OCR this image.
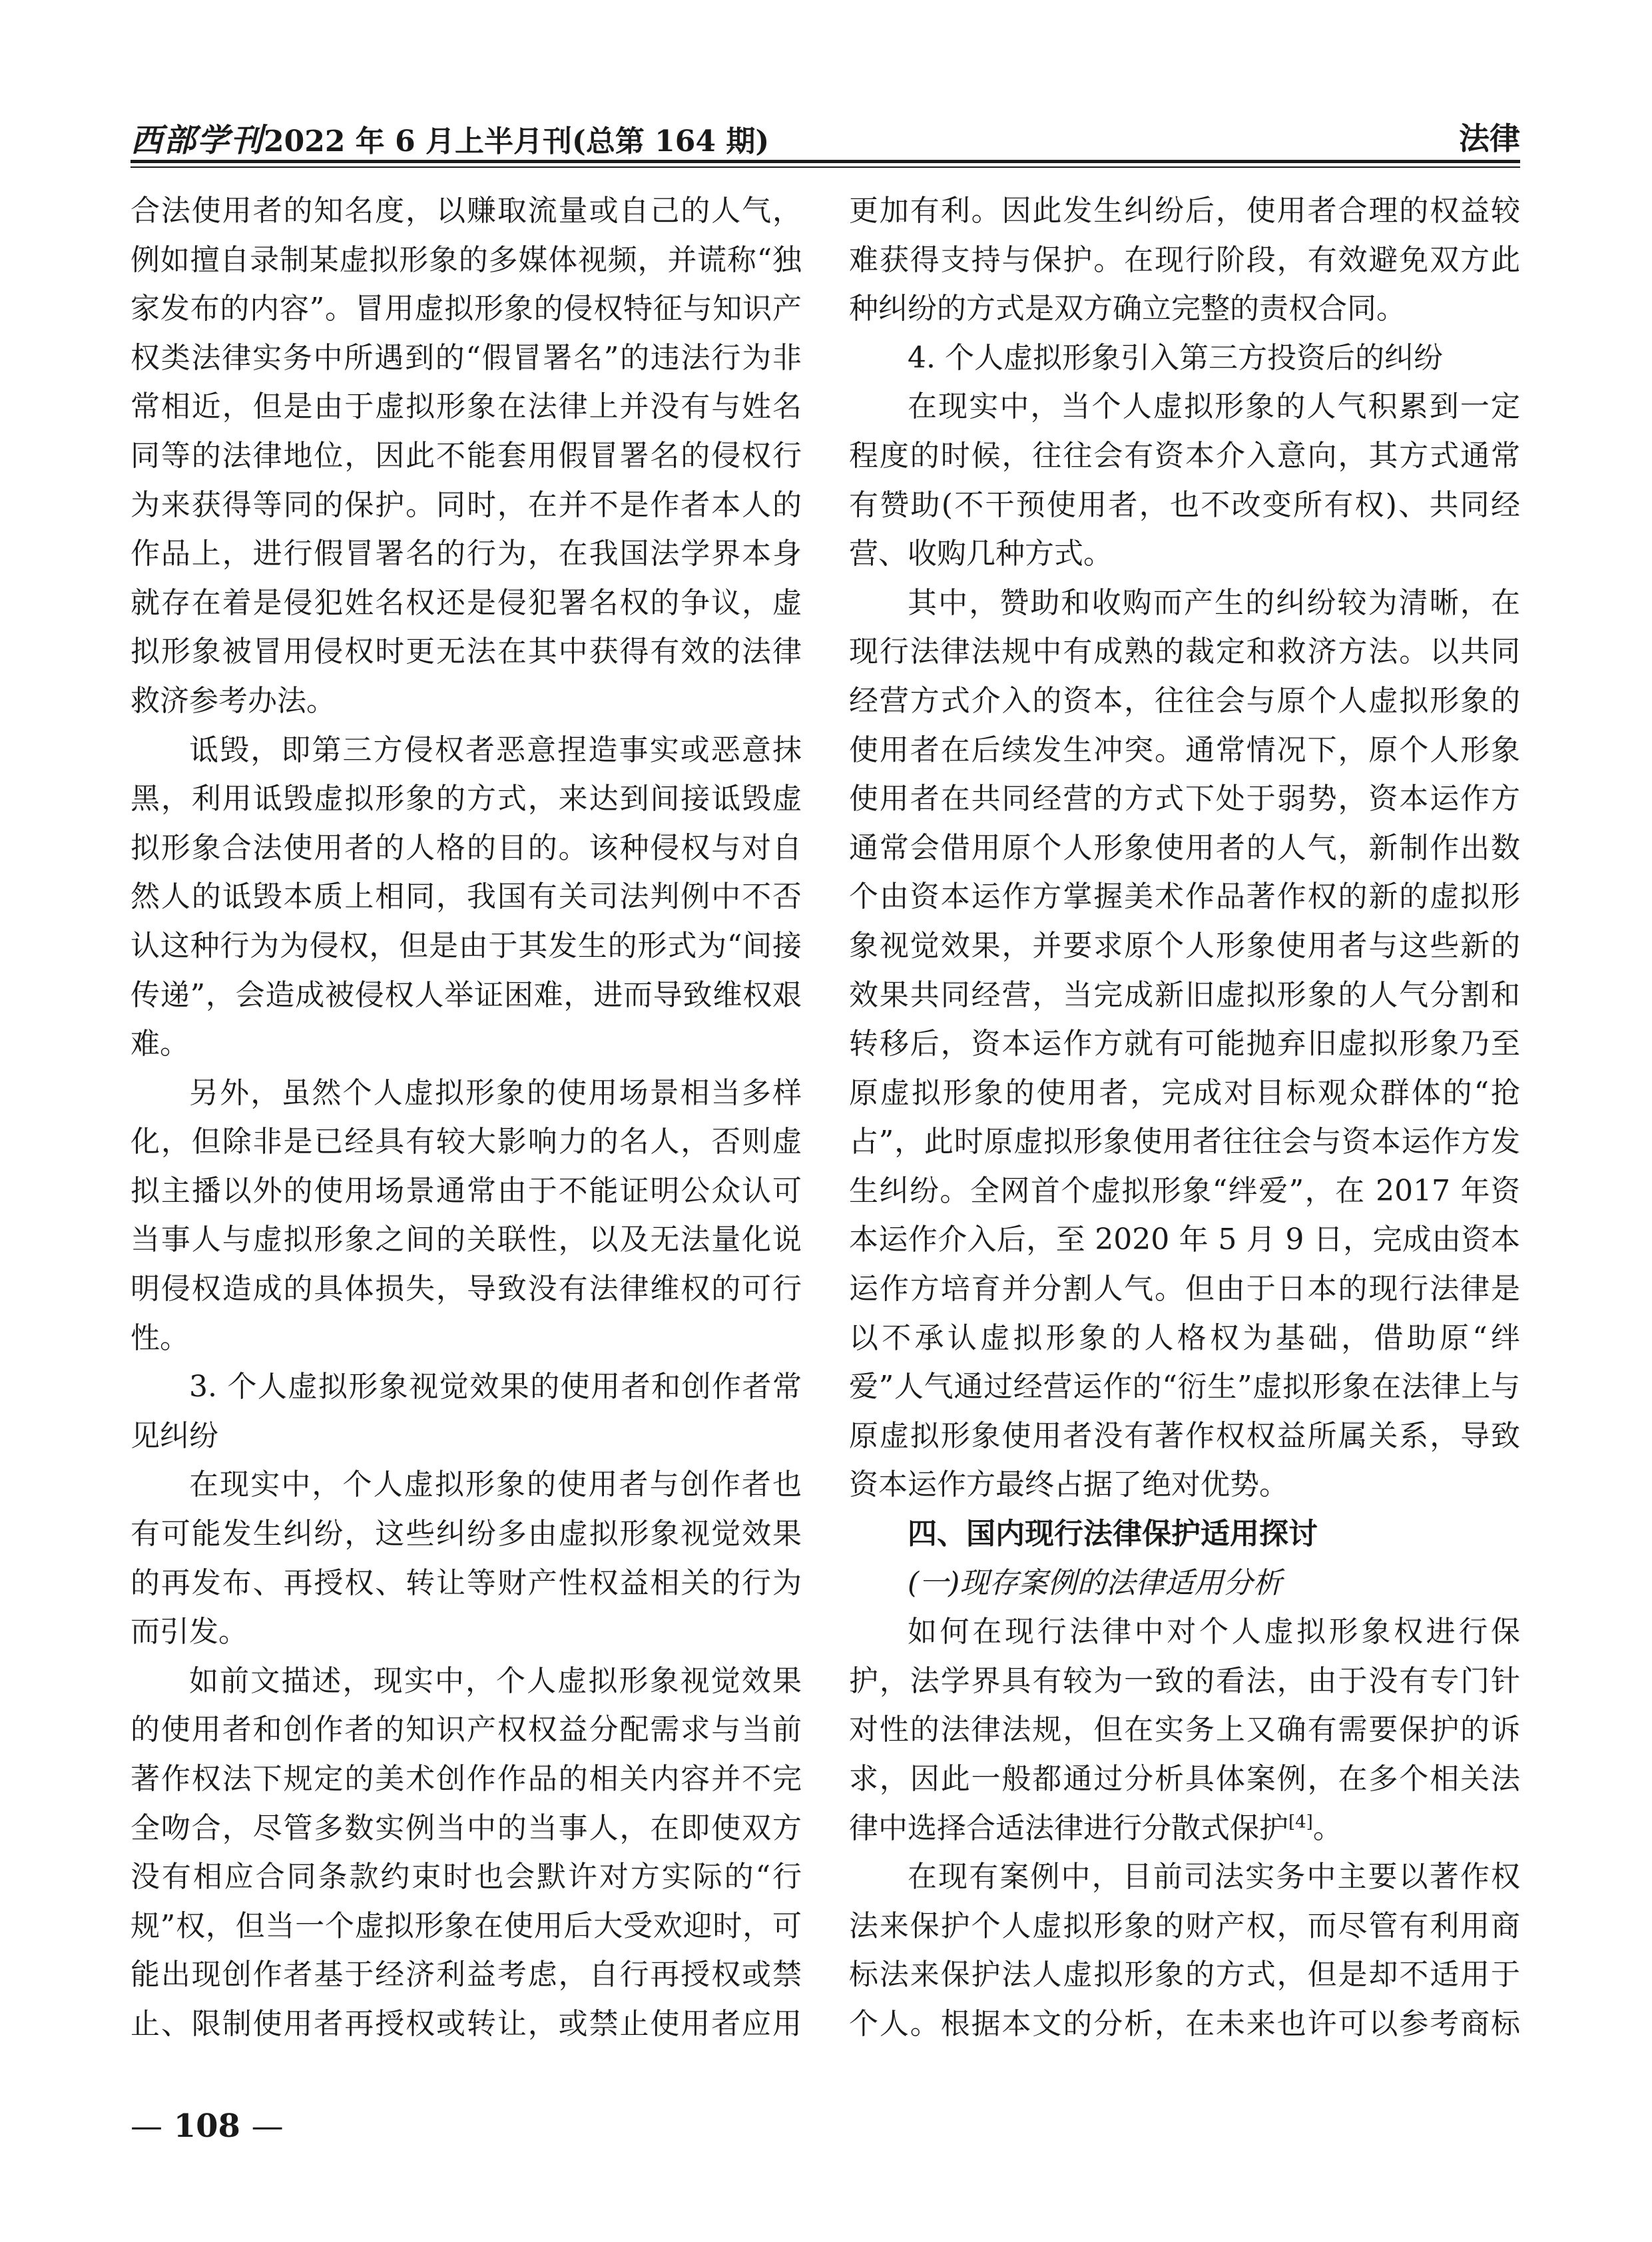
西部学刊2022 年 6 月上半月刊(总第 164 期)	法律

合法使用者的知名度，以赚取流量或自己的人气，例如擅自录制某虚拟形象的多媒体视频，并谎称“独家发布的内容”。冒用虚拟形象的侵权特征与知识产权类法律实务中所遇到的“假冒署名”的违法行为非常相近，但是由于虚拟形象在法律上并没有与姓名同等的法律地位，因此不能套用假冒署名的侵权行为来获得等同的保护。同时，在并不是作者本人的作品上，进行假冒署名的行为，在我国法学界本身就存在着是侵犯姓名权还是侵犯署名权的争议，虚拟形象被冒用侵权时更无法在其中获得有效的法律救济参考办法。

诋毁，即第三方侵权者恶意捏造事实或恶意抹黑，利用诋毁虚拟形象的方式，来达到间接诋毁虚拟形象合法使用者的人格的目的。该种侵权与对自然人的诋毁本质上相同，我国有关司法判例中不否认这种行为为侵权，但是由于其发生的形式为“间接传递”，会造成被侵权人举证困难，进而导致维权艰难。

另外，虽然个人虚拟形象的使用场景相当多样化，但除非是已经具有较大影响力的名人，否则虚拟主播以外的使用场景通常由于不能证明公众认可当事人与虚拟形象之间的关联性，以及无法量化说明侵权造成的具体损失，导致没有法律维权的可行性。

3. 个人虚拟形象视觉效果的使用者和创作者常见纠纷

在现实中，个人虚拟形象的使用者与创作者也有可能发生纠纷，这些纠纷多由虚拟形象视觉效果的再发布、再授权、转让等财产性权益相关的行为而引发。

如前文描述，现实中，个人虚拟形象视觉效果的使用者和创作者的知识产权权益分配需求与当前著作权法下规定的美术创作作品的相关内容并不完全吻合，尽管多数实例当中的当事人，在即使双方没有相应合同条款约束时也会默许对方实际的“行规”权，但当一个虚拟形象在使用后大受欢迎时，可能出现创作者基于经济利益考虑，自行再授权或禁止、限制使用者再授权或转让，或禁止使用者应用

更加有利。因此发生纠纷后，使用者合理的权益较难获得支持与保护。在现行阶段，有效避免双方此种纠纷的方式是双方确立完整的责权合同。

4. 个人虚拟形象引入第三方投资后的纠纷

在现实中，当个人虚拟形象的人气积累到一定程度的时候，往往会有资本介入意向，其方式通常有赞助(不干预使用者，也不改变所有权)、共同经营、收购几种方式。

其中，赞助和收购而产生的纠纷较为清晰，在现行法律法规中有成熟的裁定和救济方法。以共同经营方式介入的资本，往往会与原个人虚拟形象的使用者在后续发生冲突。通常情况下，原个人形象使用者在共同经营的方式下处于弱势，资本运作方通常会借用原个人形象使用者的人气，新制作出数个由资本运作方掌握美术作品著作权的新的虚拟形象视觉效果，并要求原个人形象使用者与这些新的效果共同经营，当完成新旧虚拟形象的人气分割和转移后，资本运作方就有可能抛弃旧虚拟形象乃至原虚拟形象的使用者，完成对目标观众群体的“抢占”，此时原虚拟形象使用者往往会与资本运作方发生纠纷。全网首个虚拟形象“绊爱”，在 2017 年资本运作介入后，至 2020 年 5 月 9 日，完成由资本运作方培育并分割人气。但由于日本的现行法律是以不承认虚拟形象的人格权为基础，借助原“绊爱”人气通过经营运作的“衍生”虚拟形象在法律上与原虚拟形象使用者没有著作权权益所属关系，导致资本运作方最终占据了绝对优势。

四、国内现行法律保护适用探讨

(一)现存案例的法律适用分析

如何在现行法律中对个人虚拟形象权进行保护，法学界具有较为一致的看法，由于没有专门针对性的法律法规，但在实务上又确有需要保护的诉求，因此一般都通过分析具体案例，在多个相关法律中选择合适法律进行分散式保护[4]。

在现有案例中，目前司法实务中主要以著作权法来保护个人虚拟形象的财产权，而尽管有利用商标法来保护法人虚拟形象的方式，但是却不适用于个人。根据本文的分析，在未来也许可以参考商标

— 108 —
